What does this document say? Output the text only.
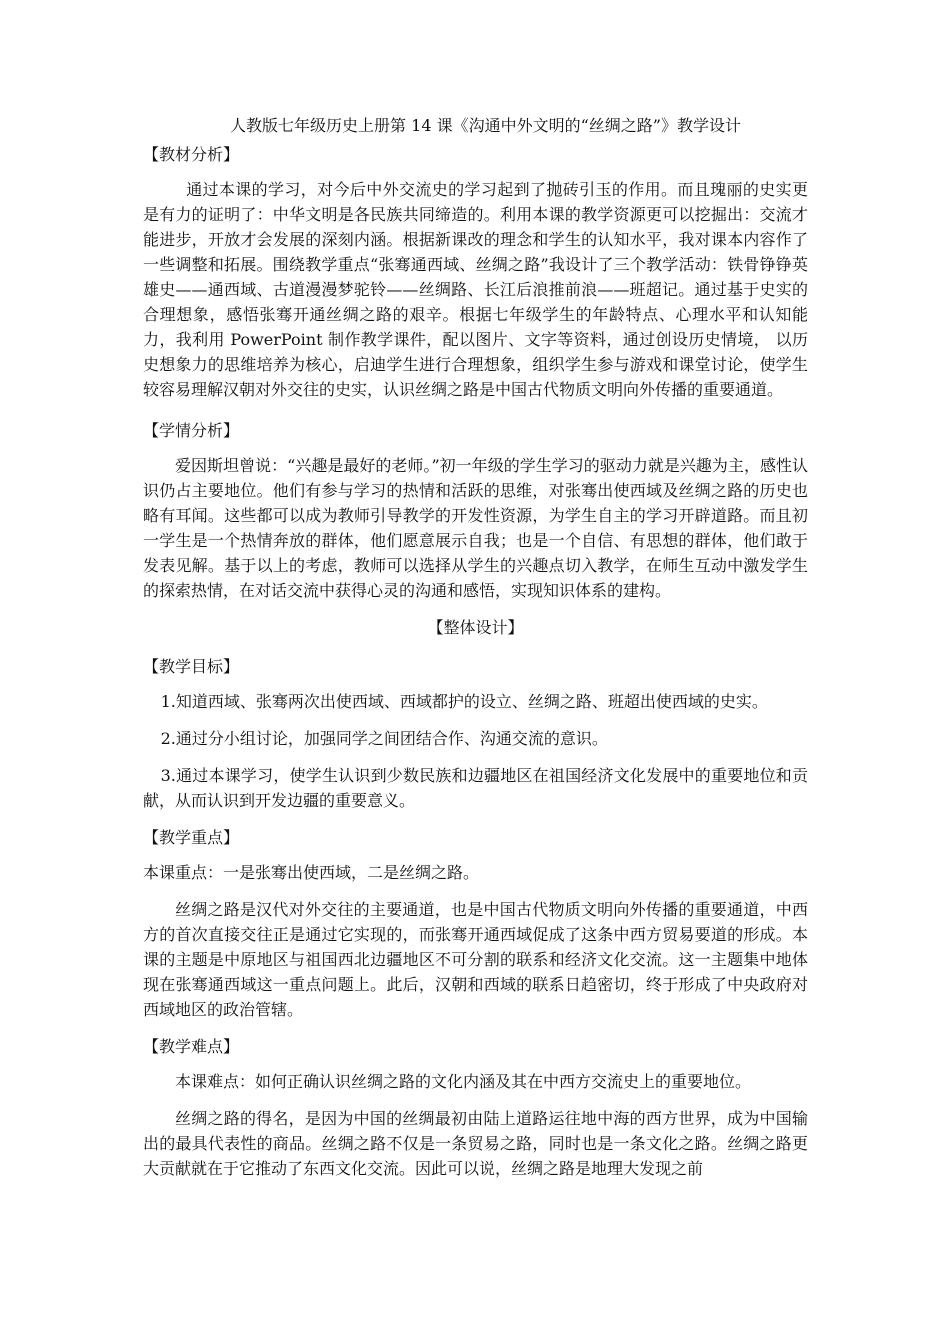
人教版七年级历史上册第 14 课《沟通中外文明的“丝绸之路”》教学设计

【教材分析】

通过本课的学习，对今后中外交流史的学习起到了抛砖引玉的作用。而且瑰丽的史实更是有力的证明了：中华文明是各民族共同缔造的。利用本课的教学资源更可以挖掘出：交流才能进步，开放才会发展的深刻内涵。根据新课改的理念和学生的认知水平，我对课本内容作了一些调整和拓展。围绕教学重点“张骞通西域、丝绸之路”我设计了三个教学活动：铁骨铮铮英雄史——通西域、古道漫漫梦驼铃——丝绸路、长江后浪推前浪——班超记。通过基于史实的合理想象，感悟张骞开通丝绸之路的艰辛。根据七年级学生的年龄特点、心理水平和认知能力，我利用 PowerPoint 制作教学课件，配以图片、文字等资料，通过创设历史情境， 以历史想象力的思维培养为核心，启迪学生进行合理想象，组织学生参与游戏和课堂讨论，使学生较容易理解汉朝对外交往的史实，认识丝绸之路是中国古代物质文明向外传播的重要通道。

【学情分析】

爱因斯坦曾说：“兴趣是最好的老师。”初一年级的学生学习的驱动力就是兴趣为主，感性认识仍占主要地位。他们有参与学习的热情和活跃的思维，对张骞出使西域及丝绸之路的历史也略有耳闻。这些都可以成为教师引导教学的开发性资源，为学生自主的学习开辟道路。而且初一学生是一个热情奔放的群体，他们愿意展示自我；也是一个自信、有思想的群体，他们敢于发表见解。基于以上的考虑，教师可以选择从学生的兴趣点切入教学，在师生互动中激发学生的探索热情，在对话交流中获得心灵的沟通和感悟，实现知识体系的建构。

【整体设计】

【教学目标】

1.知道西域、张骞两次出使西域、西域都护的设立、丝绸之路、班超出使西域的史实。

2.通过分小组讨论，加强同学之间团结合作、沟通交流的意识。

3.通过本课学习，使学生认识到少数民族和边疆地区在祖国经济文化发展中的重要地位和贡献，从而认识到开发边疆的重要意义。

【教学重点】

本课重点：一是张骞出使西域，二是丝绸之路。

丝绸之路是汉代对外交往的主要通道，也是中国古代物质文明向外传播的重要通道，中西方的首次直接交往正是通过它实现的，而张骞开通西域促成了这条中西方贸易要道的形成。本课的主题是中原地区与祖国西北边疆地区不可分割的联系和经济文化交流。这一主题集中地体现在张骞通西域这一重点问题上。此后，汉朝和西域的联系日趋密切，终于形成了中央政府对西域地区的政治管辖。

【教学难点】

本课难点：如何正确认识丝绸之路的文化内涵及其在中西方交流史上的重要地位。

丝绸之路的得名，是因为中国的丝绸最初由陆上道路运往地中海的西方世界，成为中国输出的最具代表性的商品。丝绸之路不仅是一条贸易之路，同时也是一条文化之路。丝绸之路更大贡献就在于它推动了东西文化交流。因此可以说，丝绸之路是地理大发现之前
